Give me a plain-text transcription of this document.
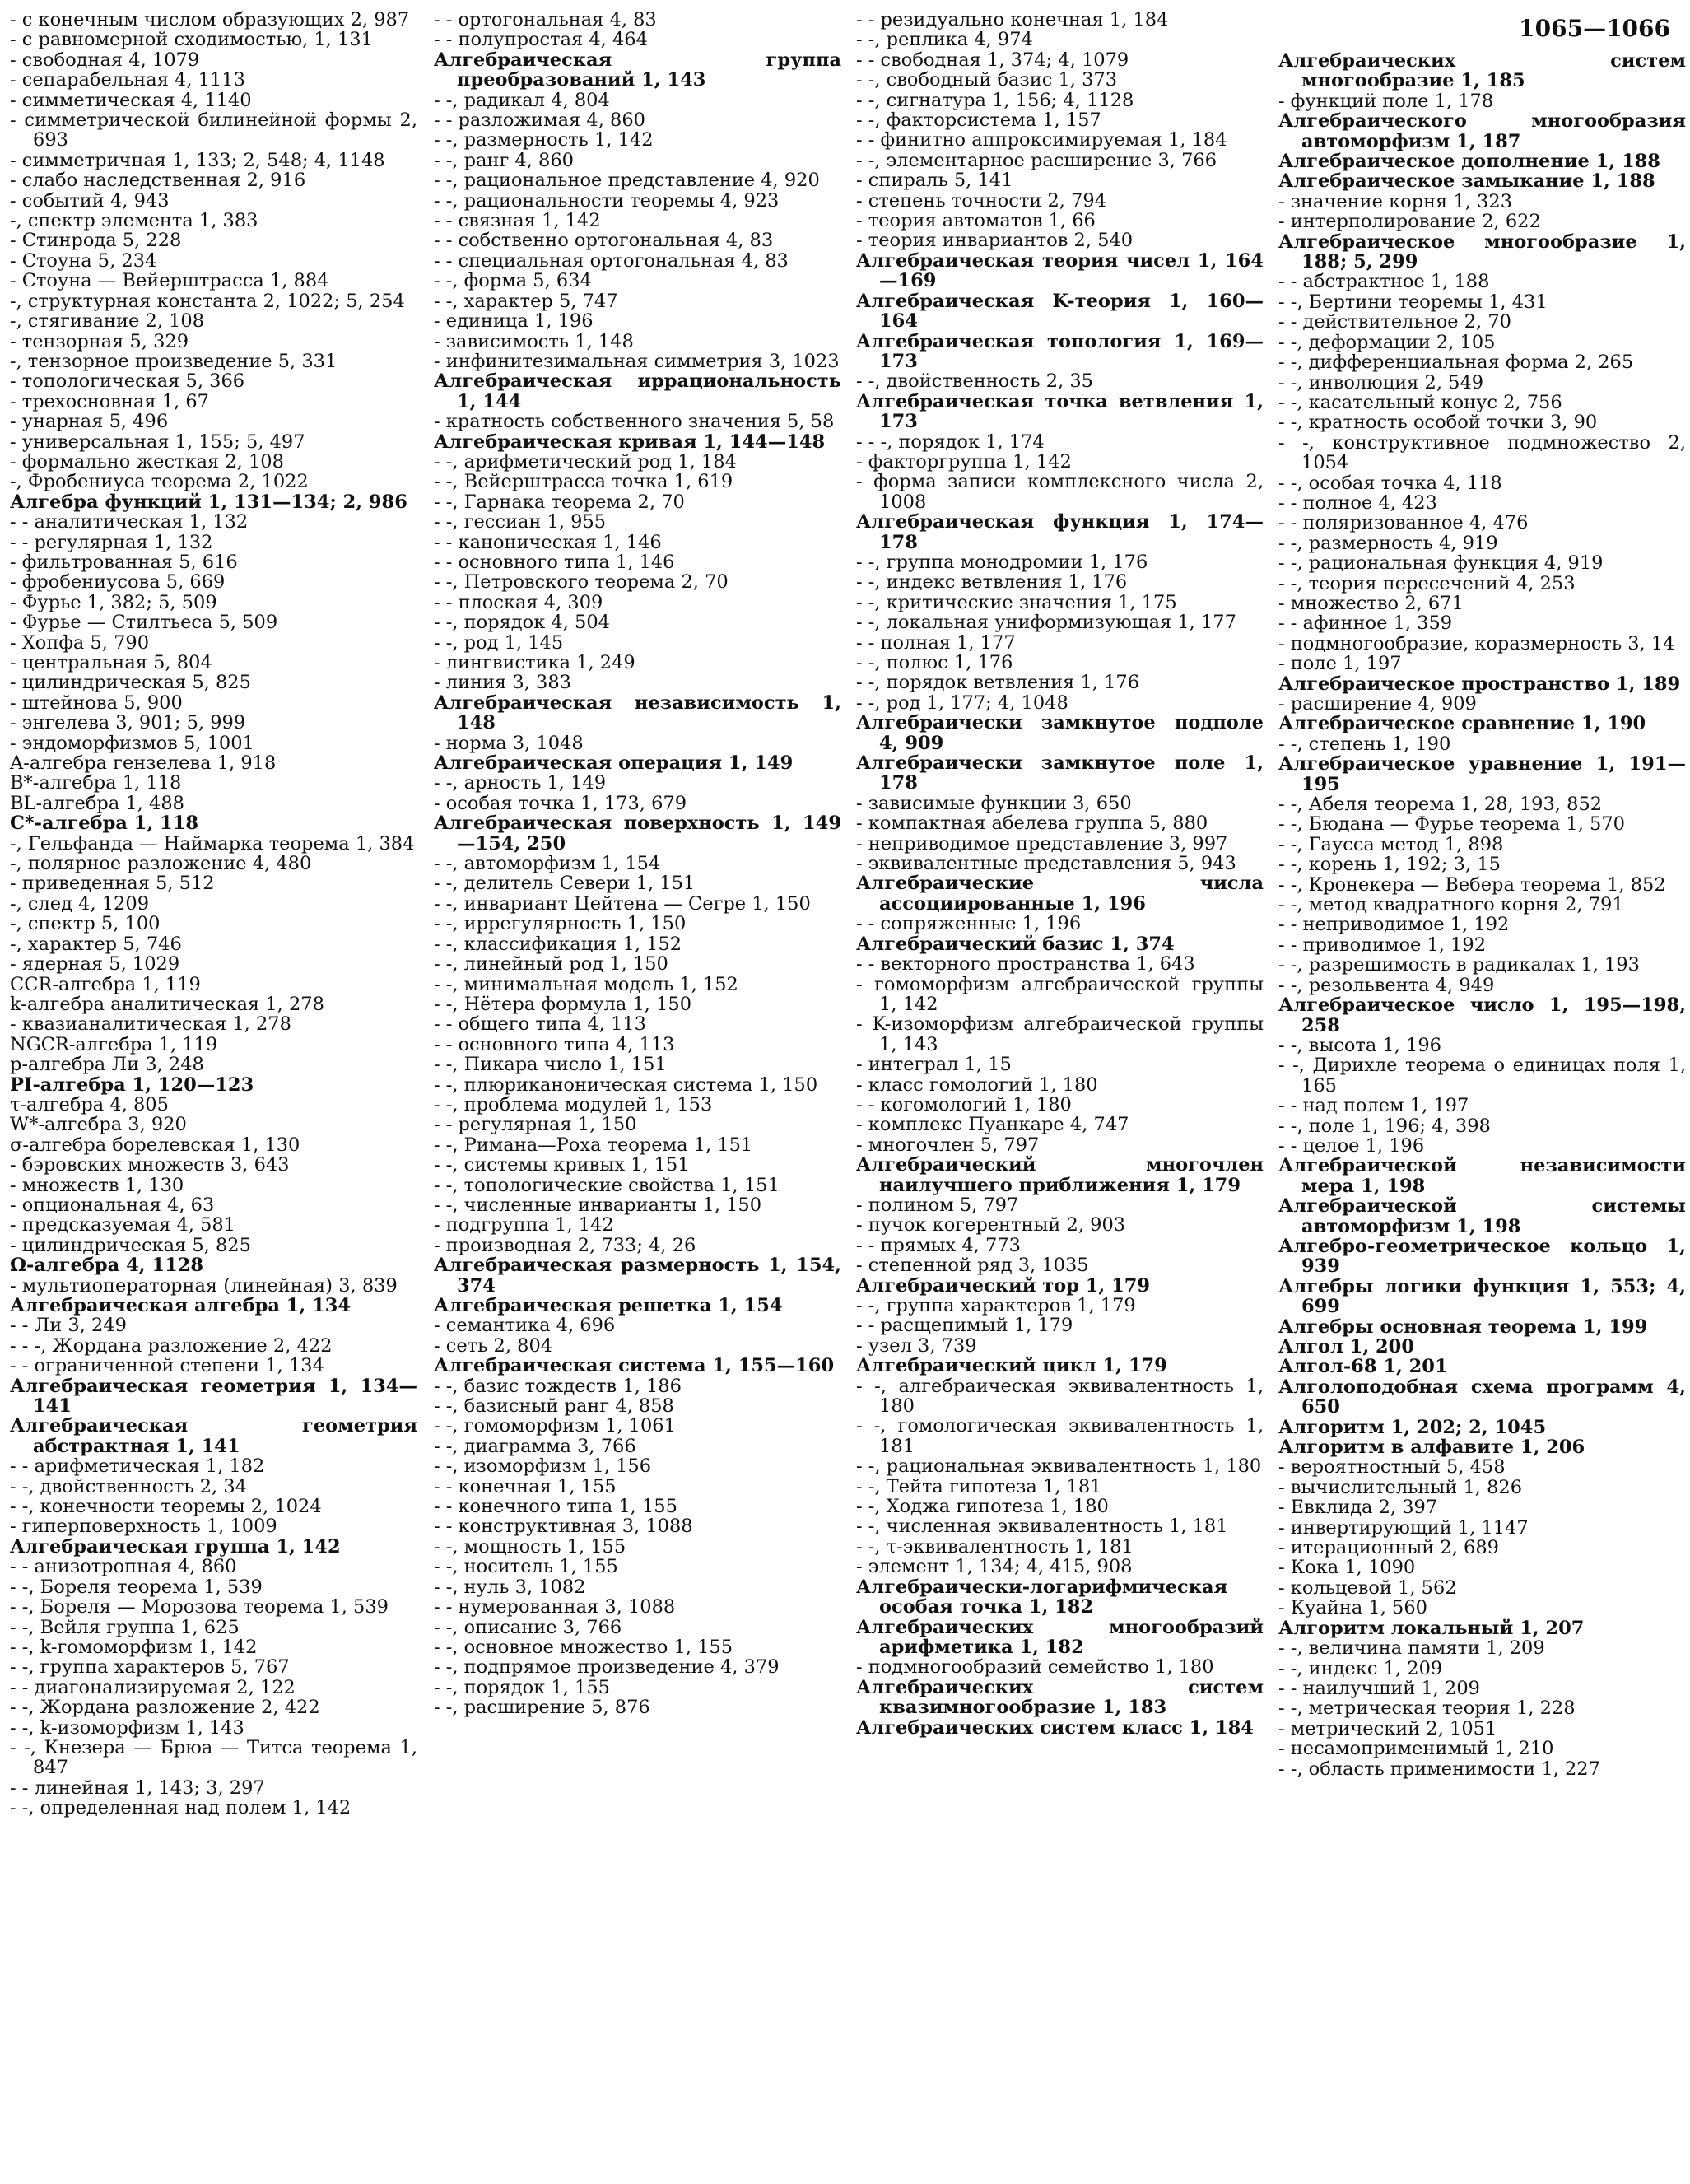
1065—1066
- с конечным числом образующих 2, 987
- с равномерной сходимостью, 1, 131
- свободная 4, 1079
- сепарабельная 4, 1113
- симметическая 4, 1140
- симметрической билинейной формы 2, 693
- симметричная 1, 133; 2, 548; 4, 1148
- слабо наследственная 2, 916
- событий 4, 943
-, спектр элемента 1, 383
- Стинрода 5, 228
- Стоуна 5, 234
- Стоуна — Вейерштрасса 1, 884
-, структурная константа 2, 1022; 5, 254
-, стягивание 2, 108
- тензорная 5, 329
-, тензорное произведение 5, 331
- топологическая 5, 366
- трехосновная 1, 67
- унарная 5, 496
- универсальная 1, 155; 5, 497
- формально жесткая 2, 108
-, Фробениуса теорема 2, 1022
Алгебра функций 1, 131—134; 2, 986
- - аналитическая 1, 132
- - регулярная 1, 132
- фильтрованная 5, 616
- фробениусова 5, 669
- Фурье 1, 382; 5, 509
- Фурье — Стилтьеса 5, 509
- Хопфа 5, 790
- центральная 5, 804
- цилиндрическая 5, 825
- штейнова 5, 900
- энгелева 3, 901; 5, 999
- эндоморфизмов 5, 1001
A-алгебра гензелева 1, 918
B*-алгебра 1, 118
BL-алгебра 1, 488
C*-алгебра 1, 118
-, Гельфанда — Наймарка теорема 1, 384
-, полярное разложение 4, 480
- приведенная 5, 512
-, след 4, 1209
-, спектр 5, 100
-, характер 5, 746
- ядерная 5, 1029
CCR-алгебра 1, 119
k-алгебра аналитическая 1, 278
- квазианалитическая 1, 278
NGCR-алгебра 1, 119
p-алгебра Ли 3, 248
PI-алгебра 1, 120—123
τ-алгебра 4, 805
W*-алгебра 3, 920
σ-алгебра борелевская 1, 130
- бэровских множеств 3, 643
- множеств 1, 130
- опциональная 4, 63
- предсказуемая 4, 581
- цилиндрическая 5, 825
Ω-алгебра 4, 1128
- мультиоператорная (линейная) 3, 839
Алгебраическая алгебра 1, 134
- - Ли 3, 249
- - -, Жордана разложение 2, 422
- - ограниченной степени 1, 134
Алгебраическая геометрия 1, 134—141
Алгебраическая геометрия абстрактная 1, 141
- - арифметическая 1, 182
- -, двойственность 2, 34
- -, конечности теоремы 2, 1024
- гиперповерхность 1, 1009
Алгебраическая группа 1, 142
- - анизотропная 4, 860
- -, Бореля теорема 1, 539
- -, Бореля — Морозова теорема 1, 539
- -, Вейля группа 1, 625
- -, k-гомоморфизм 1, 142
- -, группа характеров 5, 767
- - диагонализируемая 2, 122
- -, Жордана разложение 2, 422
- -, k-изоморфизм 1, 143
- -, Кнезера — Брюа — Титса теорема 1, 847
- - линейная 1, 143; 3, 297
- -, определенная над полем 1, 142
- - ортогональная 4, 83
- - полупростая 4, 464
Алгебраическая группа преобразований 1, 143
- -, радикал 4, 804
- - разложимая 4, 860
- -, размерность 1, 142
- -, ранг 4, 860
- -, рациональное представление 4, 920
- -, рациональности теоремы 4, 923
- - связная 1, 142
- - собственно ортогональная 4, 83
- - специальная ортогональная 4, 83
- -, форма 5, 634
- -, характер 5, 747
- единица 1, 196
- зависимость 1, 148
- инфинитезимальная симметрия 3, 1023
Алгебраическая иррациональность 1, 144
- кратность собственного значения 5, 58
Алгебраическая кривая 1, 144—148
- -, арифметический род 1, 184
- -, Вейерштрасса точка 1, 619
- -, Гарнака теорема 2, 70
- -, гессиан 1, 955
- - каноническая 1, 146
- - основного типа 1, 146
- -, Петровского теорема 2, 70
- - плоская 4, 309
- -, порядок 4, 504
- -, род 1, 145
- лингвистика 1, 249
- линия 3, 383
Алгебраическая независимость 1, 148
- норма 3, 1048
Алгебраическая операция 1, 149
- -, арность 1, 149
- особая точка 1, 173, 679
Алгебраическая поверхность 1, 149—154, 250
- -, автоморфизм 1, 154
- -, делитель Севери 1, 151
- -, инвариант Цейтена — Сегре 1, 150
- -, иррегулярность 1, 150
- -, классификация 1, 152
- -, линейный род 1, 150
- -, минимальная модель 1, 152
- -, Нётера формула 1, 150
- - общего типа 4, 113
- - основного типа 4, 113
- -, Пикара число 1, 151
- -, плюриканоническая система 1, 150
- -, проблема модулей 1, 153
- - регулярная 1, 150
- -, Римана—Роха теорема 1, 151
- -, системы кривых 1, 151
- -, топологические свойства 1, 151
- -, численные инварианты 1, 150
- подгруппа 1, 142
- производная 2, 733; 4, 26
Алгебраическая размерность 1, 154, 374
Алгебраическая решетка 1, 154
- семантика 4, 696
- сеть 2, 804
Алгебраическая система 1, 155—160
- -, базис тождеств 1, 186
- -, базисный ранг 4, 858
- -, гомоморфизм 1, 1061
- -, диаграмма 3, 766
- -, изоморфизм 1, 156
- - конечная 1, 155
- - конечного типа 1, 155
- - конструктивная 3, 1088
- -, мощность 1, 155
- -, носитель 1, 155
- -, нуль 3, 1082
- - нумерованная 3, 1088
- -, описание 3, 766
- -, основное множество 1, 155
- -, подпрямое произведение 4, 379
- -, порядок 1, 155
- -, расширение 5, 876
- - резидуально конечная 1, 184
- -, реплика 4, 974
- - свободная 1, 374; 4, 1079
- -, свободный базис 1, 373
- -, сигнатура 1, 156; 4, 1128
- -, факторсистема 1, 157
- - финитно аппроксимируемая 1, 184
- -, элементарное расширение 3, 766
- спираль 5, 141
- степень точности 2, 794
- теория автоматов 1, 66
- теория инвариантов 2, 540
Алгебраическая теория чисел 1, 164—169
Алгебраическая K-теория 1, 160—164
Алгебраическая топология 1, 169—173
- -, двойственность 2, 35
Алгебраическая точка ветвления 1, 173
- - -, порядок 1, 174
- факторгруппа 1, 142
- форма записи комплексного числа 2, 1008
Алгебраическая функция 1, 174—178
- -, группа монодромии 1, 176
- -, индекс ветвления 1, 176
- -, критические значения 1, 175
- -, локальная униформизующая 1, 177
- - полная 1, 177
- -, полюс 1, 176
- -, порядок ветвления 1, 176
- -, род 1, 177; 4, 1048
Алгебраически замкнутое подполе 4, 909
Алгебраически замкнутое поле 1, 178
- зависимые функции 3, 650
- компактная абелева группа 5, 880
- неприводимое представление 3, 997
- эквивалентные представления 5, 943
Алгебраические числа ассоциированные 1, 196
- - сопряженные 1, 196
Алгебраический базис 1, 374
- - векторного пространства 1, 643
- гомоморфизм алгебраической группы 1, 142
- K-изоморфизм алгебраической группы 1, 143
- интеграл 1, 15
- класс гомологий 1, 180
- - когомологий 1, 180
- комплекс Пуанкаре 4, 747
- многочлен 5, 797
Алгебраический многочлен наилучшего приближения 1, 179
- полином 5, 797
- пучок когерентный 2, 903
- - прямых 4, 773
- степенной ряд 3, 1035
Алгебраический тор 1, 179
- -, группа характеров 1, 179
- - расщепимый 1, 179
- узел 3, 739
Алгебраический цикл 1, 179
- -, алгебраическая эквивалентность 1, 180
- -, гомологическая эквивалентность 1, 181
- -, рациональная эквивалентность 1, 180
- -, Тейта гипотеза 1, 181
- -, Ходжа гипотеза 1, 180
- -, численная эквивалентность 1, 181
- -, τ-эквивалентность 1, 181
- элемент 1, 134; 4, 415, 908
Алгебраически-логарифмическая особая точка 1, 182
Алгебраических многообразий арифметика 1, 182
- подмногообразий семейство 1, 180
Алгебраических систем квазимногообразие 1, 183
Алгебраических систем класс 1, 184
Алгебраических систем многообразие 1, 185
- функций поле 1, 178
Алгебраического многообразия автоморфизм 1, 187
Алгебраическое дополнение 1, 188
Алгебраическое замыкание 1, 188
- значение корня 1, 323
- интерполирование 2, 622
Алгебраическое многообразие 1, 188; 5, 299
- - абстрактное 1, 188
- -, Бертини теоремы 1, 431
- - действительное 2, 70
- -, деформации 2, 105
- -, дифференциальная форма 2, 265
- -, инволюция 2, 549
- -, касательный конус 2, 756
- -, кратность особой точки 3, 90
- -, конструктивное подмножество 2, 1054
- -, особая точка 4, 118
- - полное 4, 423
- - поляризованное 4, 476
- -, размерность 4, 919
- -, рациональная функция 4, 919
- -, теория пересечений 4, 253
- множество 2, 671
- - афинное 1, 359
- подмногообразие, коразмерность 3, 14
- поле 1, 197
Алгебраическое пространство 1, 189
- расширение 4, 909
Алгебраическое сравнение 1, 190
- -, степень 1, 190
Алгебраическое уравнение 1, 191—195
- -, Абеля теорема 1, 28, 193, 852
- -, Бюдана — Фурье теорема 1, 570
- -, Гаусса метод 1, 898
- -, корень 1, 192; 3, 15
- -, Кронекера — Вебера теорема 1, 852
- -, метод квадратного корня 2, 791
- - неприводимое 1, 192
- - приводимое 1, 192
- -, разрешимость в радикалах 1, 193
- -, резольвента 4, 949
Алгебраическое число 1, 195—198, 258
- -, высота 1, 196
- -, Дирихле теорема о единицах поля 1, 165
- - над полем 1, 197
- -, поле 1, 196; 4, 398
- - целое 1, 196
Алгебраической независимости мера 1, 198
Алгебраической системы автоморфизм 1, 198
Алгебро-геометрическое кольцо 1, 939
Алгебры логики функция 1, 553; 4, 699
Алгебры основная теорема 1, 199
Алгол 1, 200
Алгол-68 1, 201
Алголоподобная схема программ 4, 650
Алгоритм 1, 202; 2, 1045
Алгоритм в алфавите 1, 206
- вероятностный 5, 458
- вычислительный 1, 826
- Евклида 2, 397
- инвертирующий 1, 1147
- итерационный 2, 689
- Кока 1, 1090
- кольцевой 1, 562
- Куайна 1, 560
Алгоритм локальный 1, 207
- -, величина памяти 1, 209
- -, индекс 1, 209
- - наилучший 1, 209
- -, метрическая теория 1, 228
- метрический 2, 1051
- несамоприменимый 1, 210
- -, область применимости 1, 227
